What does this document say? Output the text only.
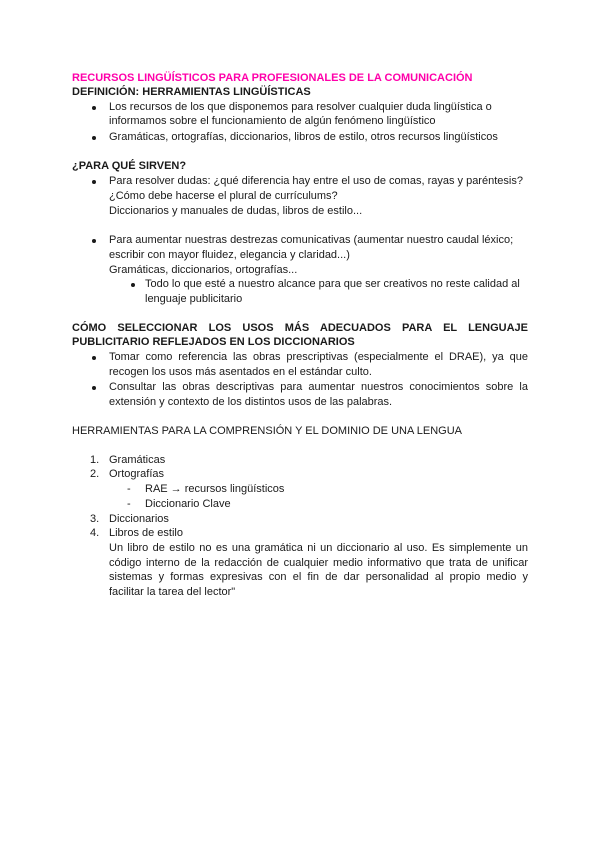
RECURSOS LINGÜÍSTICOS PARA PROFESIONALES DE LA COMUNICACIÓN
DEFINICIÓN: HERRAMIENTAS LINGÜÍSTICAS
Los recursos de los que disponemos para resolver cualquier duda lingüística o
informamos sobre el funcionamiento de algún fenómeno lingüístico
Gramáticas, ortografías, diccionarios, libros de estilo, otros recursos lingüísticos
¿PARA QUÉ SIRVEN?
Para resolver dudas: ¿qué diferencia hay entre el uso de comas, rayas y paréntesis?
¿Cómo debe hacerse el plural de currículums?
Diccionarios y manuales de dudas, libros de estilo...
Para aumentar nuestras destrezas comunicativas (aumentar nuestro caudal léxico;
escribir con mayor fluidez, elegancia y claridad...)
Gramáticas, diccionarios, ortografías...
Todo lo que esté a nuestro alcance para que ser creativos no reste calidad al
lenguaje publicitario
CÓMO SELECCIONAR LOS USOS MÁS ADECUADOS PARA EL LENGUAJE
PUBLICITARIO REFLEJADOS EN LOS DICCIONARIOS
Tomar como referencia las obras prescriptivas (especialmente el DRAE), ya que
recogen los usos más asentados en el estándar culto.
Consultar las obras descriptivas para aumentar nuestros conocimientos sobre la
extensión y contexto de los distintos usos de las palabras.
HERRAMIENTAS PARA LA COMPRENSIÓN Y EL DOMINIO DE UNA LENGUA
1. Gramáticas
2. Ortografías
- RAE → recursos lingüísticos
- Diccionario Clave
3. Diccionarios
4. Libros de estilo
Un libro de estilo no es una gramática ni un diccionario al uso. Es simplemente un
código interno de la redacción de cualquier medio informativo que trata de unificar
sistemas y formas expresivas con el fin de dar personalidad al propio medio y
facilitar la tarea del lector"
